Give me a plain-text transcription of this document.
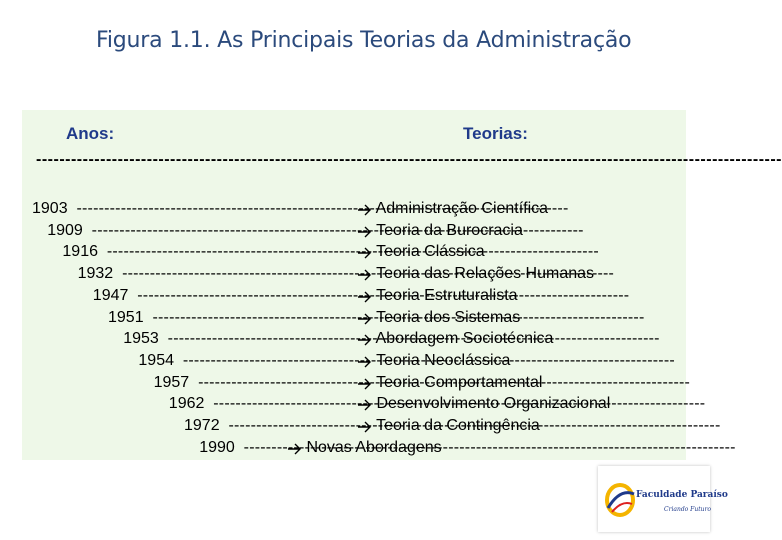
Figura 1.1. As Principais Teorias da Administração
Anos:	Teorias:
--------------------------------------------------------------------------------------------------------------------------------
1903 -----	Administração Científica
1909 -----	Teoria da Burocracia
1916 -----	Teoria Clássica
1932 -----	Teoria das Relações Humanas
1947 -----	Teoria Estruturalista
1951 -----	Teoria dos Sistemas
1953 -----	Abordagem Sociotécnica
1954 -----	Teoria Neoclássica
1957 -----	Teoria Comportamental
1962 -----	Desenvolvimento Organizacional
1972 -----	Teoria da Contingência
1990 -----	Novas Abordagens
Faculdade Paraíso
Criando Futuro
